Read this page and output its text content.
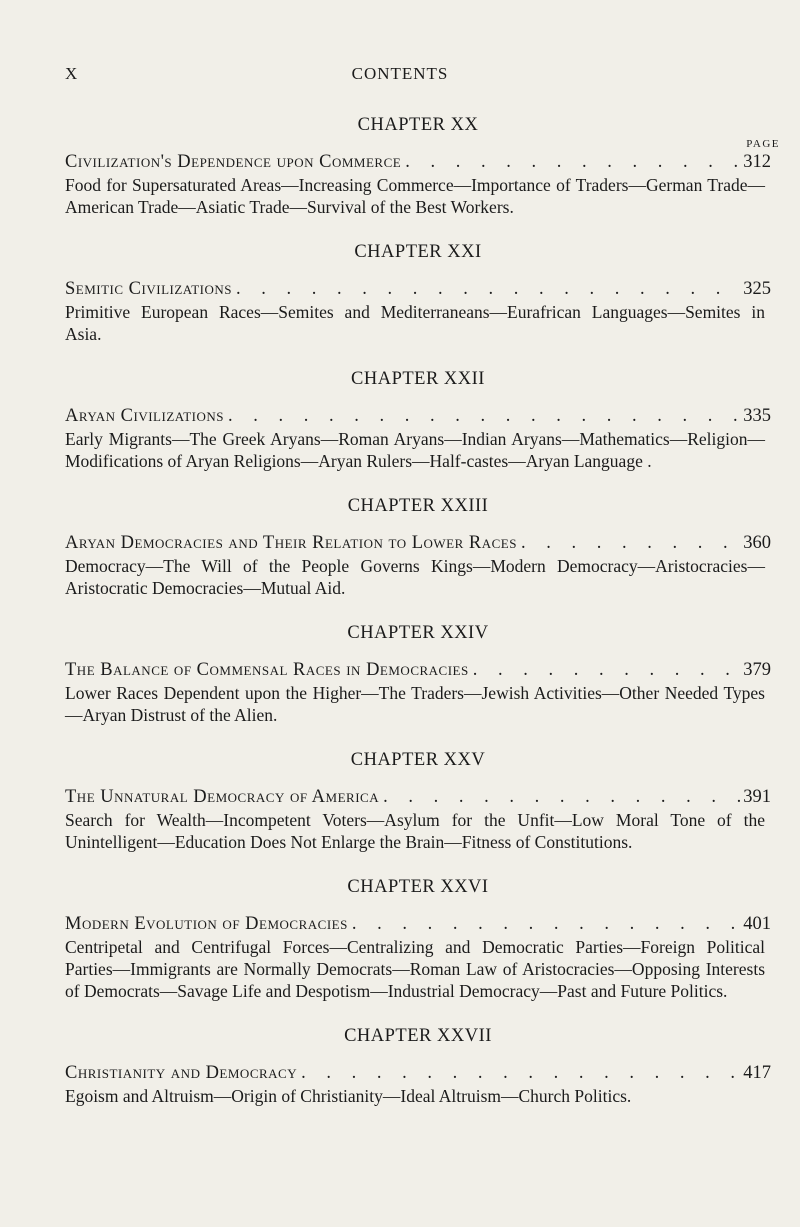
X	CONTENTS
PAGE
CHAPTER XX
Civilization's Dependence upon Commerce . . .	312

Food for Supersaturated Areas—Increasing Commerce—Importance of Traders—German Trade—American Trade—Asiatic Trade—Survival of the Best Workers.

CHAPTER XXI
Semitic Civilizations . . .	325

Primitive European Races—Semites and Mediterraneans—Eurafrican Languages—Semites in Asia.

CHAPTER XXII
Aryan Civilizations . . .	335

Early Migrants—The Greek Aryans—Roman Aryans—Indian Aryans—Mathematics—Religion—Modifications of Aryan Religions—Aryan Rulers—Half-castes—Aryan Language .

CHAPTER XXIII
Aryan Democracies and Their Relation to Lower Races . . .	360

Democracy—The Will of the People Governs Kings—Modern Democracy—Aristocracies—Aristocratic Democracies—Mutual Aid.

CHAPTER XXIV
The Balance of Commensal Races in Democracies . . .	379

Lower Races Dependent upon the Higher—The Traders—Jewish Activities—Other Needed Types—Aryan Distrust of the Alien.

CHAPTER XXV
The Unnatural Democracy of America . . .	391

Search for Wealth—Incompetent Voters—Asylum for the Unfit—Low Moral Tone of the Unintelligent—Education Does Not Enlarge the Brain—Fitness of Constitutions.

CHAPTER XXVI
Modern Evolution of Democracies . . .	401

Centripetal and Centrifugal Forces—Centralizing and Democratic Parties—Foreign Political Parties—Immigrants are Normally Democrats—Roman Law of Aristocracies—Opposing Interests of Democrats—Savage Life and Despotism—Industrial Democracy—Past and Future Politics.

CHAPTER XXVII
Christianity and Democracy . . .	417

Egoism and Altruism—Origin of Christianity—Ideal Altruism—Church Politics.
